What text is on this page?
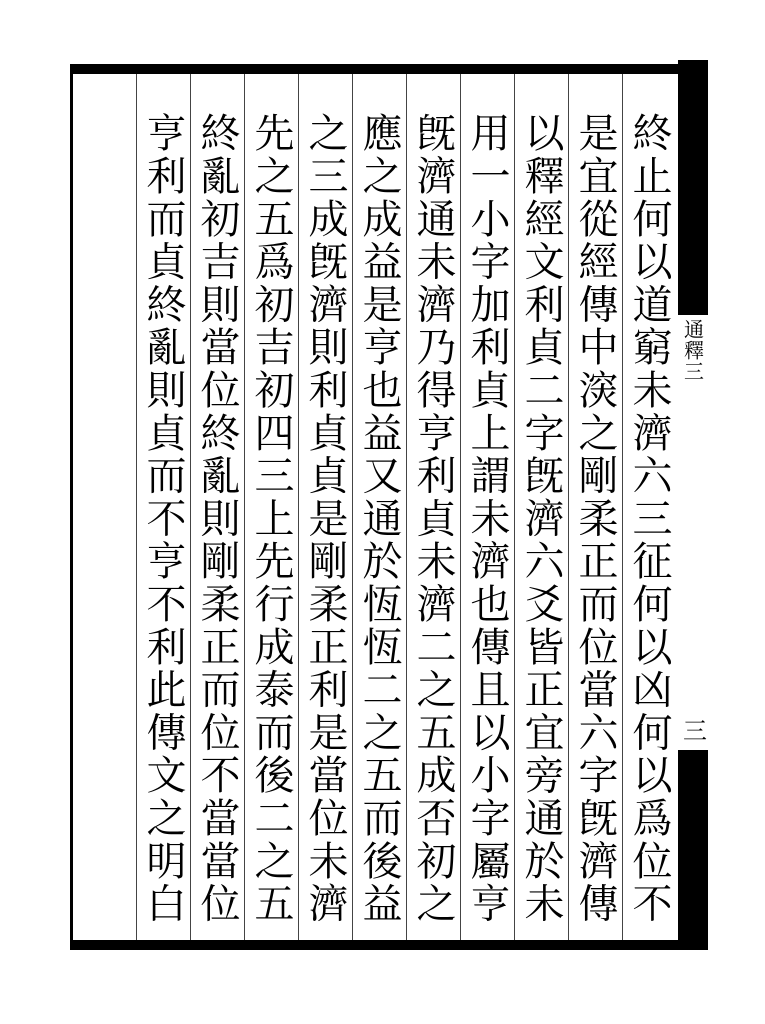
通釋三
三
終止何以道窮未濟六三征何以凶何以爲位不
是宜從經傳中㴱之剛柔正而位當六字旣濟傳
以釋經文利貞二字旣濟六爻皆正宜旁通於未
用一小字加利貞上謂未濟也傳且以小字屬亨
旣濟通未濟乃得亨利貞未濟二之五成否初之
應之成益是亨也益又通於恆恆二之五而後益
之三成旣濟則利貞貞是剛柔正利是當位未濟
先之五爲初吉初四三上先行成泰而後二之五
終亂初吉則當位終亂則剛柔正而位不當當位
亨利而貞終亂則貞而不亨不利此傳文之明白
